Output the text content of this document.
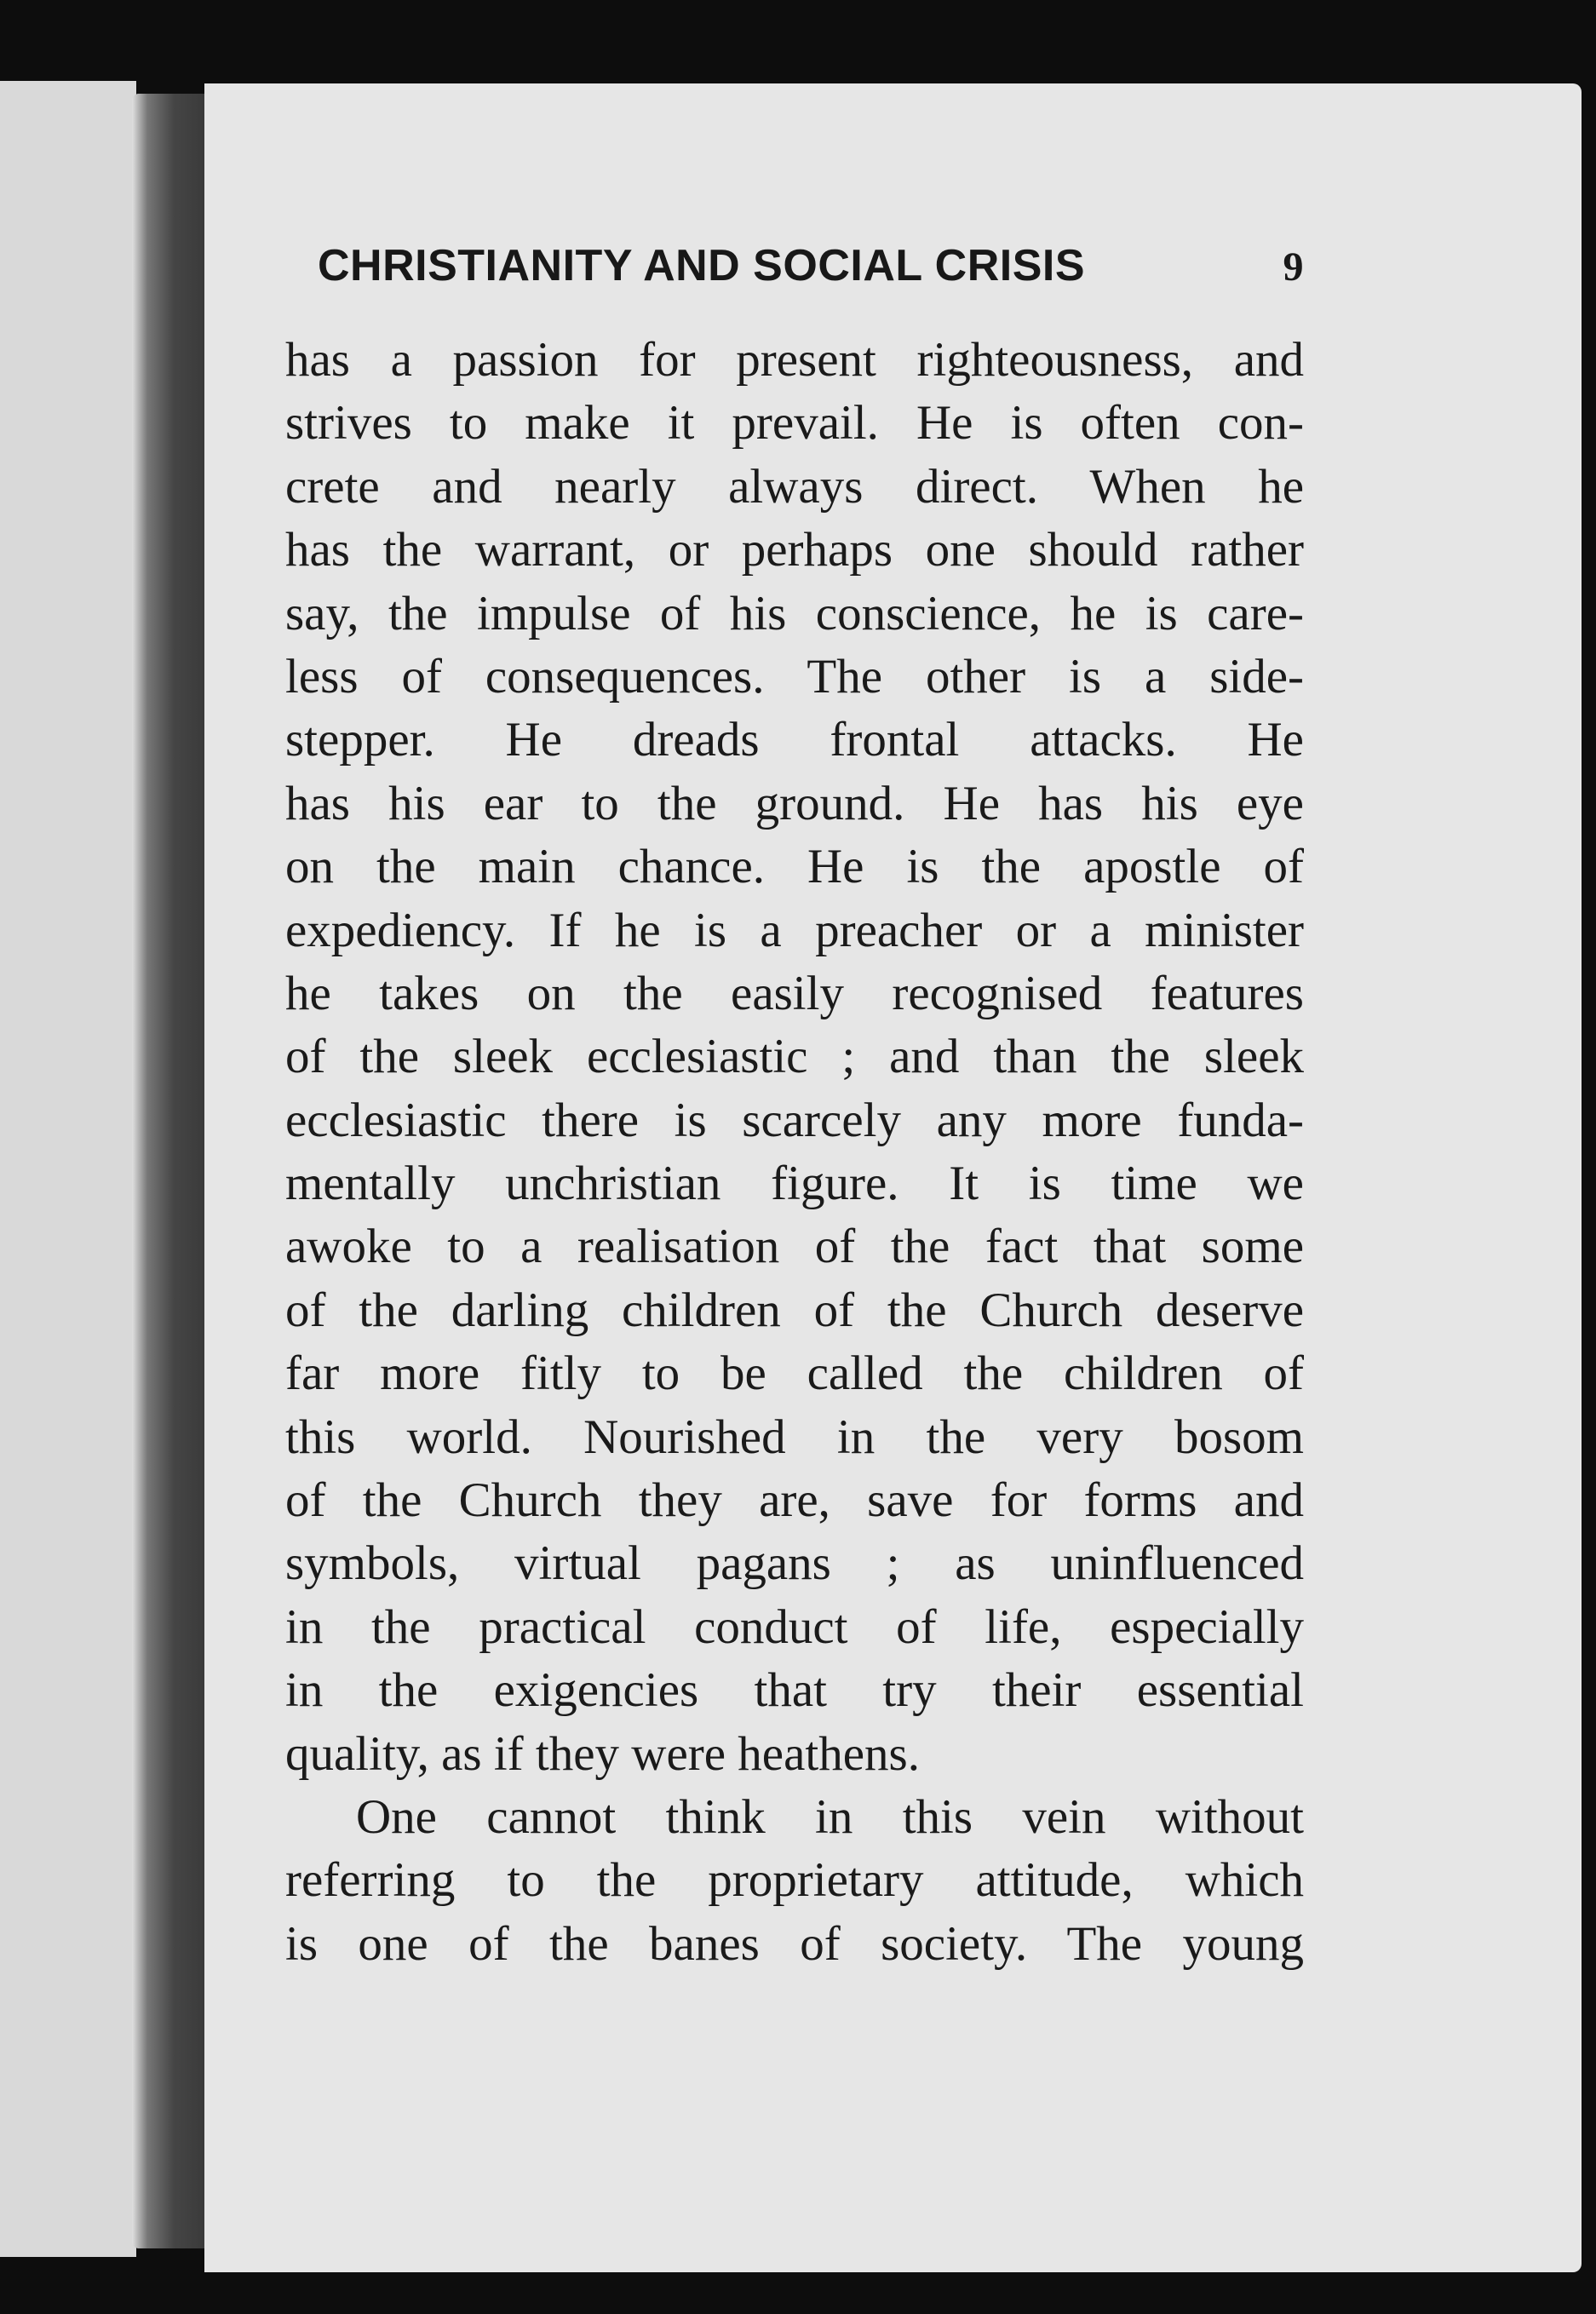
CHRISTIANITY AND SOCIAL CRISIS	9
has a passion for present righteousness, and
strives to make it prevail. He is often con-
crete and nearly always direct. When he
has the warrant, or perhaps one should rather
say, the impulse of his conscience, he is care-
less of consequences. The other is a side-
stepper. He dreads frontal attacks. He
has his ear to the ground. He has his eye
on the main chance. He is the apostle of
expediency. If he is a preacher or a minister
he takes on the easily recognised features
of the sleek ecclesiastic ; and than the sleek
ecclesiastic there is scarcely any more funda-
mentally unchristian figure. It is time we
awoke to a realisation of the fact that some
of the darling children of the Church deserve
far more fitly to be called the children of
this world. Nourished in the very bosom
of the Church they are, save for forms and
symbols, virtual pagans ; as uninfluenced
in the practical conduct of life, especially
in the exigencies that try their essential
quality, as if they were heathens.
One cannot think in this vein without
referring to the proprietary attitude, which
is one of the banes of society. The young
